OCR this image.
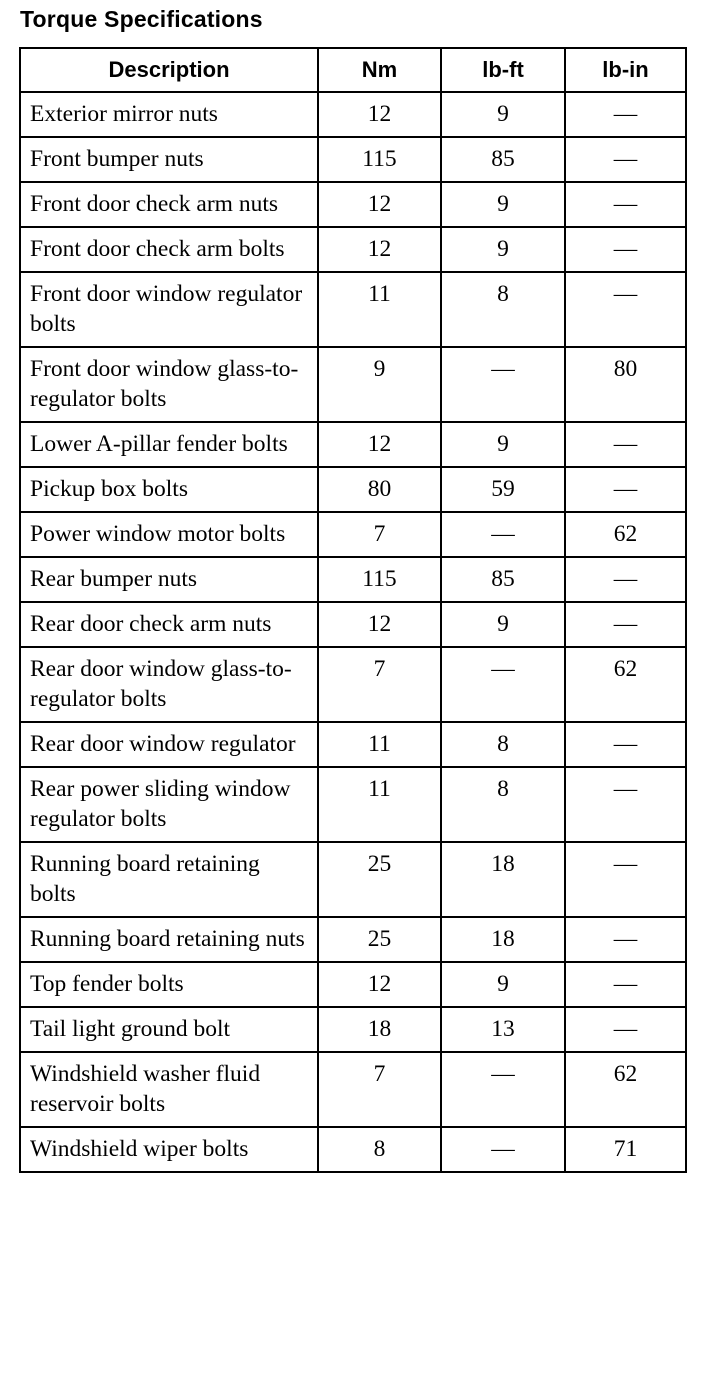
Torque Specifications
Description	Nm	lb-ft	lb-in
Exterior mirror nuts	12	9	—
Front bumper nuts	115	85	—
Front door check arm nuts	12	9	—
Front door check arm bolts	12	9	—
Front door window regulator bolts	11	8	—
Front door window glass-to-regulator bolts	9	—	80
Lower A-pillar fender bolts	12	9	—
Pickup box bolts	80	59	—
Power window motor bolts	7	—	62
Rear bumper nuts	115	85	—
Rear door check arm nuts	12	9	—
Rear door window glass-to-regulator bolts	7	—	62
Rear door window regulator	11	8	—
Rear power sliding window regulator bolts	11	8	—
Running board retaining bolts	25	18	—
Running board retaining nuts	25	18	—
Top fender bolts	12	9	—
Tail light ground bolt	18	13	—
Windshield washer fluid reservoir bolts	7	—	62
Windshield wiper bolts	8	—	71
